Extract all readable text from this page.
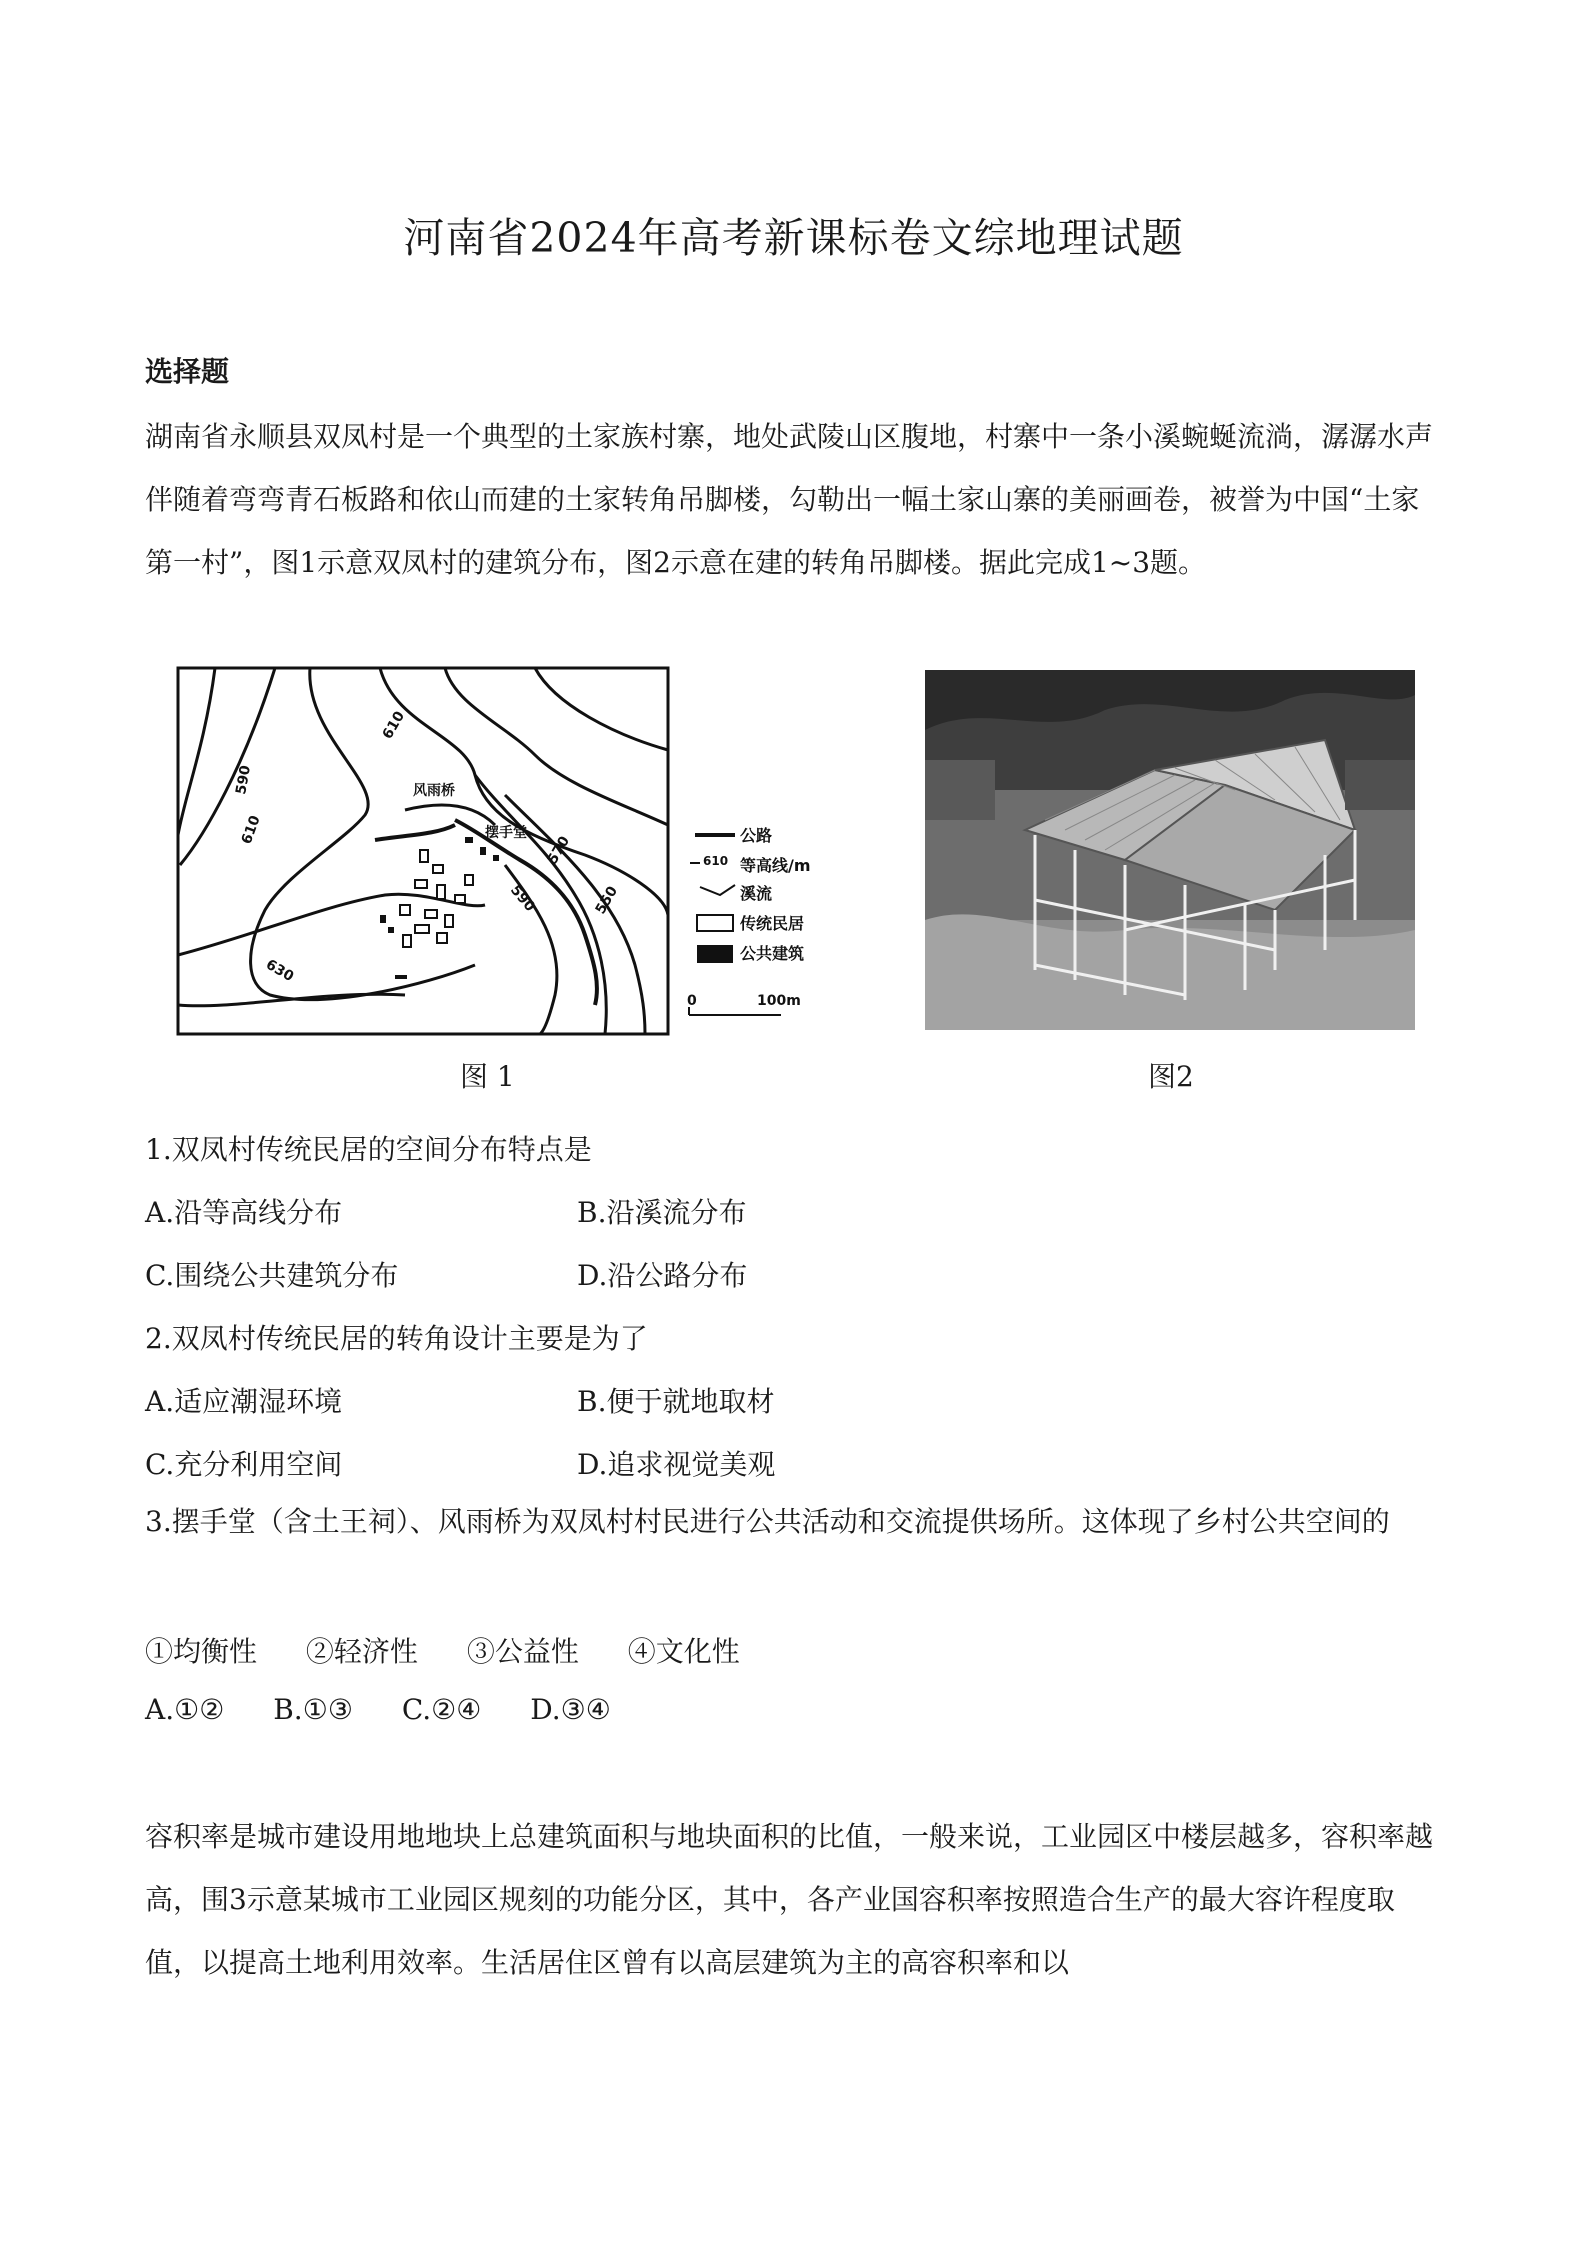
河南省2024年高考新课标卷文综地理试题
选择题
湖南省永顺县双凤村是一个典型的土家族村寨，地处武陵山区腹地，村寨中一条小溪蜿蜒流淌，潺潺水声伴随着弯弯青石板路和依山而建的土家转角吊脚楼，勾勒出一幅土家山寨的美丽画卷，被誉为中国“土家第一村”，图1示意双凤村的建筑分布，图2示意在建的转角吊脚楼。据此完成1~3题。
风雨桥
摆手堂
610
590
610
590
570
550
630
公路
610 等高线/m
溪流
传统民居
公共建筑
0	100m
图 1	图2
1.双凤村传统民居的空间分布特点是
A.沿等高线分布	B.沿溪流分布
C.围绕公共建筑分布	D.沿公路分布
2.双凤村传统民居的转角设计主要是为了
A.适应潮湿环境	B.便于就地取材
C.充分利用空间	D.追求视觉美观
3.摆手堂（含土王祠）、风雨桥为双凤村村民进行公共活动和交流提供场所。这体现了乡村公共空间的
①均衡性 ②轻济性 ③公益性 ④文化性
A.①② B.①③ C.②④ D.③④
容积率是城市建设用地地块上总建筑面积与地块面积的比值，一般来说，工业园区中楼层越多，容积率越高，围3示意某城市工业园区规刻的功能分区，其中，各产业国容积率按照造合生产的最大容许程度取值，以提高土地利用效率。生活居住区曾有以高层建筑为主的高容积率和以
